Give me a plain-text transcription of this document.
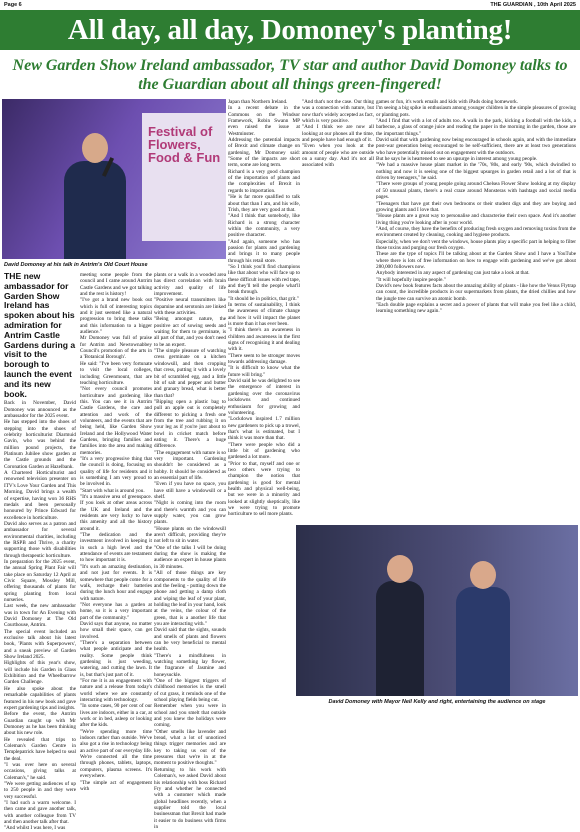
Page 6	THE GUARDIAN , 10th April 2025
All day, all day, Domoney's planting!
New Garden Show Ireland ambassador, TV star and author David Domoney talks to the Guardian about all things green-fingered!
Festival of Flowers, Food & Fun
David Domoney at his talk in Antrim's Old Court House

THE new ambassador for Garden Show Ireland has spoken about his admiration for Antrim Castle Gardens during a visit to the borough to launch the event and its new book.

Back in November, David Domoney was announced as the ambassador for the 2025 event.

He has stepped into the shoes of stepping into the shoes of celebrity horticulturist Diarmuid Gavin, who was behind the million pound projects, the Platinum Jubilee show garden at the Castle grounds and the Coronation Garden at Hazelbank.

A Chartered Horticulturist and renowned television presenter on ITV's Love Your Garden and This Morning, David brings a wealth of expertise, having won 36 RHS medals and been personally honoured by Prince Edward for excellence in horticulture.

David also serves as a patron and ambassador for several environmental charities, including the RSPB and Thrive, a charity supporting those with disabilities through therapeutic horticulture.

In preparation for the 2025 event, the annual Spring Plant Fair will take place on Saturday 12 April at Civic Square, Mossley Mill, offering thousands of plants for spring planting from local nurseries.

Last week, the new ambassador was in town for An Evening with David Domoney at The Old Courthouse, Antrim.

The special event included an exclusive talk about his latest book, 'Plants with Superpowers', and a sneak preview of Garden Show Ireland 2025.

Highlights of this year's show, will include his Garden in Glass Exhibition and the Wheelbarrow Garden Challenge.

He also spoke about the remarkable capabilities of plants featured in his new book and gave expert gardening tips and insights.

Before the event, the Antrim Guardian caught up with Mr Domoney as he has been thinking about his new role.

He revealed that trips to Coleman's Garden Centre in Templepatrick have helped to seal the deal.

"I was over here on several occasions, giving talks at Coleman's," he said.

"We were getting audiences of up to 250 people in and they were very successful.

"I had such a warm welcome. I then came and gave another talk, with another colleague from TV and then another talk after that.

"And whilst I was here, I was

meeting some people from the council and I came around Antrim Castle Gardens and we got talking and the rest is history!

"I've got a brand new book out which is full of interesting topics and it just seemed like a natural progression to bring these talks and this information to a bigger audience."

Mr Domoney was full of praise for Antrim and Newtownabbey Council's promotion of the arts in a 'Botanical Borough'.

He said: "I've been very fortunate to visit the local colleges, including Greenmount, that are teaching horticulture.

"Not every council promotes horticulture and gardening like this. You can see it in Antrim Castle Gardens, the care and attention and work of the volunteers, and the events that are being held, like Garden Show Ireland and the Hollywood Water Gardens, bringing families and families into the area and making memories.

"It's a very progressive thing that the council is doing, focusing on quality of life for residents and it is something I am very proud to be involved in.

"Start with what is around you.

"It's a massive area of greenspace. If you look at other areas across the UK and Ireland and the residents are very lucky to have this amenity and all the history around it.

"The dedication and the investment involved in keeping it in such a high level and the attendance of events are testament to how important it is.

"It's such an amazing destination, and not just for events. It is somewhere that people come for a walk, recharge their batteries during the lunch hour and engage with nature.

"Not everyone has a garden at home, so it is a very important part of the community."

David says that anyone, no matter how small their space, can get involved.

"There's a separation between what people anticipate and the reality. Some people think gardening is just weeding, watering, and cutting the lawn. It is, but that's just part of it.

"For me it is an engagement with nature and a release from today's world where we are constantly interacting with technology.

"In some cases, 90 per cent of our lives are indoors, either in a car, at work or in bed, asleep or looking after the kids.

"We're spending more time indoors rather than outside. We've also got a rise in technology being an active part of our everyday life. We're connected all the time through phones, tablets, laptops, computers, plasma screens. It's everywhere.

"The simple act of engagement with

plants or a walk in a wooded area has direct correlation with brain activity and quality of life improvement.

"Positive neural transmitters like dopamine and serotonin are linked with these activities.

"Being amongst nature, the positive act of sowing seeds and waiting for them to germinate, is all part of that, and you don't need to be an expert.

"The simple pleasure of watching cress germinate on a kitchen windowsill, and then cropping that cress, putting it with a lovely bit of scrambled egg, and a little bit of salt and pepper and butter and granary bread, what is better than that?

"Bipping open a plastic bag to pull an apple out is completely different to picking a fresh one from the tree and rubbing it on your leg as if you're just about to bowl in cricket match before eating it. There's a huge difference.

"The engagement with nature is so very important. Gardening shouldn't be considered as a hobby. It should be considered as an essential part of life.

"Even if you have no space, you have still have a windowsill or a shelf.

"Night is coming into the room and there's warmth and you can supply water, you can grow plants.

"House plants on the windowsill aren't difficult, providing they're not left to sit in water.

"One of the talks I will be doing during the show is making the audience an expert in house plants in 30 minutes.

"All of those things are key components to the quality of life and the feeling - putting down the phone and getting a damp cloth and wiping the leaf of your plant, holding the leaf in your hand, look at the veins, the colour of the green, that is a another life that you are interacting with."

David said that the sights, sounds and smells of plants and flowers can be very beneficial to mental health.

"There's a mindfulness in watching something lay flower, the fragrance of Jasmine and honeysuckle.

"One of the biggest triggers of childhood memories is the smell of cut grass, it reminds one of the school playing fields being cut.

Remember when you were in school and you smelt that outside and you knew the holidays were coming.

"Other smells like lavender and bread, what a lot of unnoticed things trigger memories and are key to taking us out of the pressures that we're in at the moment to positive thoughts."

Returning to his work with Coleman's, we asked David about his relationship with boss Richard Fry and whether he connected with a customer which made global headlines recently, when a supplier told the local businessman that Brexit had made it easier to do business with firms in

Japan than Northern Ireland.

In a recent debate in the Commons on the Windsor Framework, Robin Swann MP even raised the issue at Westminster.

Addressing the potential impacts of Brexit and climate change on gardening, Mr Domoney said: "Some of the impacts are short term, some are long term.

Richard is a very good champion of the importation of plants and the complexities of Brexit in regards to importation.

"He is far more qualified to talk about that than I am, and his wife, Trish, they are very good at that.

"And I think that somebody, like Richard is a strong character within the community, a very positive character.

"And again, someone who has passion for plants and gardening and brings it to many people through his retail store.

"So I think you'll find champions like that about who will face up to these difficult issues with red tape, and they'll tell the people what'll break through.

"It should be in politics, that grit."

In terms of sustainability, I think the awareness of climate change and how it will impact the planet is more than it has ever been.

"I think there's an awareness in children and awareness in the first signs of recognising it and dealing with it.

"There seem to be stronger moves towards addressing damage.

"It is difficult to know what the future will bring."

David said he was delighted to see the emergence of interest in gardening over the coronavirus lockdowns and continued enthusiasm for growing and volunteering.

"Lockdown inspired 1.7 million new gardeners to pick up a trowel, that's what is estimated, but I think it was more than that.

"There were people who did a little bit of gardening who gardened a lot more.

"Prior to that, myself and one or two others were trying to champion the notion that gardening is good for mental health and physical well-being, but we were in a minority and looked at slightly skeptically, like we were trying to promote horticulture to sell more plants.

"And that's not the case. Our thing was a connection with nature, but now that's widely accepted as fact, which is very positive.

"And I think we are now all looking at our phones all the time, and people have had enough of it.

"Even when you look at the amount of people who are outside on a sunny day. And it's not all associated with

games or fun, it's work emails and kids with iPads doing homework.

I'm seeing a big spike in enthusiasm among younger children in the simple pleasures of growing or planting pots.

"And I find that with a lot of adults too. A walk in the park, kicking a football with the kids, a barbecue, a glass of orange juice and reading the paper in the morning in the garden, those are the important things."

David said that with gardening now being encouraged in schools again, and with the immediate post-war generation being encouraged to be self-sufficient, there are at least two generations who have potentially missed out on engagement with the outdoors.

But he says he is heartened to see an upsurge in interest among young people.

"We had a massive house plant market in the '70s, '80s, and early '90s, which dwindled to nothing and now it is seeing one of the biggest upsurges in garden retail and a lot of that is driven by teenagers," he said.

"There were groups of young people going around Chelsea Flower Show looking at my display of 50 unusual plants, there's a real craze around Monsteras with hashtags and social media pages.

"Teenagers that have got their own bedrooms or their student digs and they are buying and growing plants and I love that.

"House plants are a great way to personalise and characterise their own space. And it's another living thing you're looking after in your world.

"And, of course, they have the benefits of producing fresh oxygen and removing toxins from the environment created by cleaning, cooking and hygiene products.

Especially, when we don't vent the windows, house plants play a specific part in helping to filter those toxins and purging our fresh oxygen.

These are the type of topics I'll be talking about at the Garden Show and I have a YouTube where there is lots of free information on how to engage with gardening and we've got about 280,000 followers now.

Anybody interested in any aspect of gardening can just take a look at that.

"It will hopefully inspire people."

David's new book features facts about the amazing ability of plants - like how the Venus Flytrap can count, the incredible products in our supermarkets from plants, the dried chillies and how the jungle tree can survive an atomic bomb.

"Each double page explains a secret and a power of plants that will make you feel like a child, learning something new again."

David Domoney with Mayor Neil Kelly and right, entertaining the audience on stage
